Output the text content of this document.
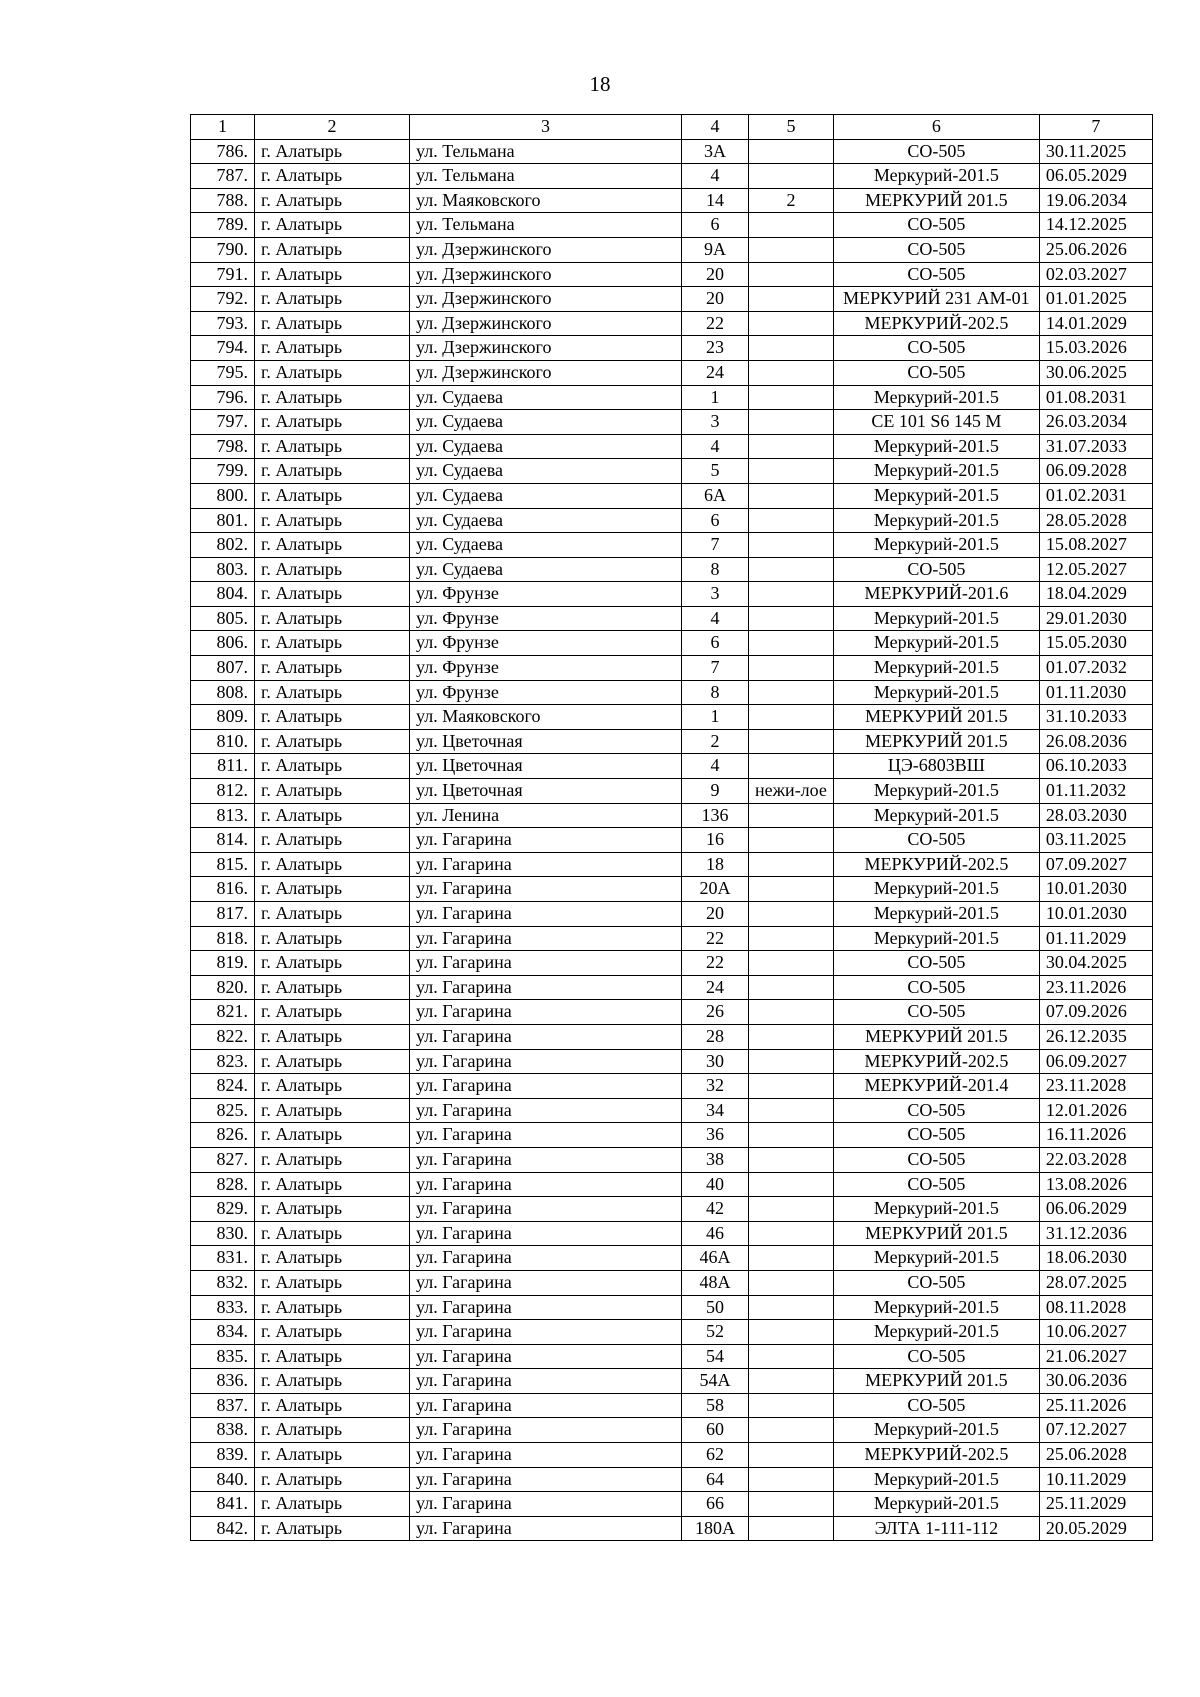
18
1	2	3	4	5	6	7
786.	г. Алатырь	ул. Тельмана	3А		СО-505	30.11.2025
787.	г. Алатырь	ул. Тельмана	4		Меркурий-201.5	06.05.2029
788.	г. Алатырь	ул. Маяковского	14	2	МЕРКУРИЙ 201.5	19.06.2034
789.	г. Алатырь	ул. Тельмана	6		СО-505	14.12.2025
790.	г. Алатырь	ул. Дзержинского	9А		СО-505	25.06.2026
791.	г. Алатырь	ул. Дзержинского	20		СО-505	02.03.2027
792.	г. Алатырь	ул. Дзержинского	20		МЕРКУРИЙ 231 АМ-01	01.01.2025
793.	г. Алатырь	ул. Дзержинского	22		МЕРКУРИЙ-202.5	14.01.2029
794.	г. Алатырь	ул. Дзержинского	23		СО-505	15.03.2026
795.	г. Алатырь	ул. Дзержинского	24		СО-505	30.06.2025
796.	г. Алатырь	ул. Судаева	1		Меркурий-201.5	01.08.2031
797.	г. Алатырь	ул. Судаева	3		CE 101 S6 145 M	26.03.2034
798.	г. Алатырь	ул. Судаева	4		Меркурий-201.5	31.07.2033
799.	г. Алатырь	ул. Судаева	5		Меркурий-201.5	06.09.2028
800.	г. Алатырь	ул. Судаева	6А		Меркурий-201.5	01.02.2031
801.	г. Алатырь	ул. Судаева	6		Меркурий-201.5	28.05.2028
802.	г. Алатырь	ул. Судаева	7		Меркурий-201.5	15.08.2027
803.	г. Алатырь	ул. Судаева	8		СО-505	12.05.2027
804.	г. Алатырь	ул. Фрунзе	3		МЕРКУРИЙ-201.6	18.04.2029
805.	г. Алатырь	ул. Фрунзе	4		Меркурий-201.5	29.01.2030
806.	г. Алатырь	ул. Фрунзе	6		Меркурий-201.5	15.05.2030
807.	г. Алатырь	ул. Фрунзе	7		Меркурий-201.5	01.07.2032
808.	г. Алатырь	ул. Фрунзе	8		Меркурий-201.5	01.11.2030
809.	г. Алатырь	ул. Маяковского	1		МЕРКУРИЙ 201.5	31.10.2033
810.	г. Алатырь	ул. Цветочная	2		МЕРКУРИЙ 201.5	26.08.2036
811.	г. Алатырь	ул. Цветочная	4		ЦЭ-6803ВШ	06.10.2033
812.	г. Алатырь	ул. Цветочная	9	нежи-лое	Меркурий-201.5	01.11.2032
813.	г. Алатырь	ул. Ленина	136		Меркурий-201.5	28.03.2030
814.	г. Алатырь	ул. Гагарина	16		СО-505	03.11.2025
815.	г. Алатырь	ул. Гагарина	18		МЕРКУРИЙ-202.5	07.09.2027
816.	г. Алатырь	ул. Гагарина	20А		Меркурий-201.5	10.01.2030
817.	г. Алатырь	ул. Гагарина	20		Меркурий-201.5	10.01.2030
818.	г. Алатырь	ул. Гагарина	22		Меркурий-201.5	01.11.2029
819.	г. Алатырь	ул. Гагарина	22		СО-505	30.04.2025
820.	г. Алатырь	ул. Гагарина	24		СО-505	23.11.2026
821.	г. Алатырь	ул. Гагарина	26		СО-505	07.09.2026
822.	г. Алатырь	ул. Гагарина	28		МЕРКУРИЙ 201.5	26.12.2035
823.	г. Алатырь	ул. Гагарина	30		МЕРКУРИЙ-202.5	06.09.2027
824.	г. Алатырь	ул. Гагарина	32		МЕРКУРИЙ-201.4	23.11.2028
825.	г. Алатырь	ул. Гагарина	34		СО-505	12.01.2026
826.	г. Алатырь	ул. Гагарина	36		СО-505	16.11.2026
827.	г. Алатырь	ул. Гагарина	38		СО-505	22.03.2028
828.	г. Алатырь	ул. Гагарина	40		СО-505	13.08.2026
829.	г. Алатырь	ул. Гагарина	42		Меркурий-201.5	06.06.2029
830.	г. Алатырь	ул. Гагарина	46		МЕРКУРИЙ 201.5	31.12.2036
831.	г. Алатырь	ул. Гагарина	46А		Меркурий-201.5	18.06.2030
832.	г. Алатырь	ул. Гагарина	48А		СО-505	28.07.2025
833.	г. Алатырь	ул. Гагарина	50		Меркурий-201.5	08.11.2028
834.	г. Алатырь	ул. Гагарина	52		Меркурий-201.5	10.06.2027
835.	г. Алатырь	ул. Гагарина	54		СО-505	21.06.2027
836.	г. Алатырь	ул. Гагарина	54А		МЕРКУРИЙ 201.5	30.06.2036
837.	г. Алатырь	ул. Гагарина	58		СО-505	25.11.2026
838.	г. Алатырь	ул. Гагарина	60		Меркурий-201.5	07.12.2027
839.	г. Алатырь	ул. Гагарина	62		МЕРКУРИЙ-202.5	25.06.2028
840.	г. Алатырь	ул. Гагарина	64		Меркурий-201.5	10.11.2029
841.	г. Алатырь	ул. Гагарина	66		Меркурий-201.5	25.11.2029
842.	г. Алатырь	ул. Гагарина	180А		ЭЛТА 1-111-112	20.05.2029
